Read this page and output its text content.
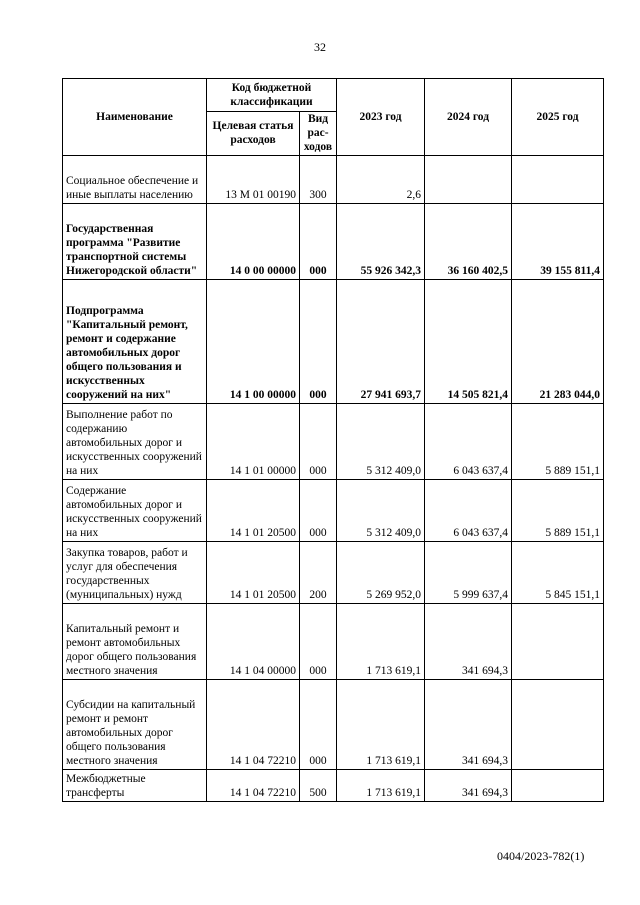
32
Наименование	Код бюджетной классификации		2023 год	2024 год	2025 год
	Целевая статья расходов	Вид рас-ходов			
Социальное обеспечение и иные выплаты населению	13 М 01 00190	300	2,6		
Государственная программа "Развитие транспортной системы Нижегородской области"	14 0 00 00000	000	55 926 342,3	36 160 402,5	39 155 811,4
Подпрограмма "Капитальный ремонт, ремонт и содержание автомобильных дорог общего пользования и искусственных сооружений на них"	14 1 00 00000	000	27 941 693,7	14 505 821,4	21 283 044,0
Выполнение работ по содержанию автомобильных дорог и искусственных сооружений на них	14 1 01 00000	000	5 312 409,0	6 043 637,4	5 889 151,1
Содержание автомобильных дорог и искусственных сооружений на них	14 1 01 20500	000	5 312 409,0	6 043 637,4	5 889 151,1
Закупка товаров, работ и услуг для обеспечения государственных (муниципальных) нужд	14 1 01 20500	200	5 269 952,0	5 999 637,4	5 845 151,1
Капитальный ремонт и ремонт автомобильных дорог общего пользования местного значения	14 1 04 00000	000	1 713 619,1	341 694,3	
Субсидии на капитальный ремонт и ремонт автомобильных дорог общего пользования местного значения	14 1 04 72210	000	1 713 619,1	341 694,3	
Межбюджетные трансферты	14 1 04 72210	500	1 713 619,1	341 694,3	
0404/2023-782(1)
